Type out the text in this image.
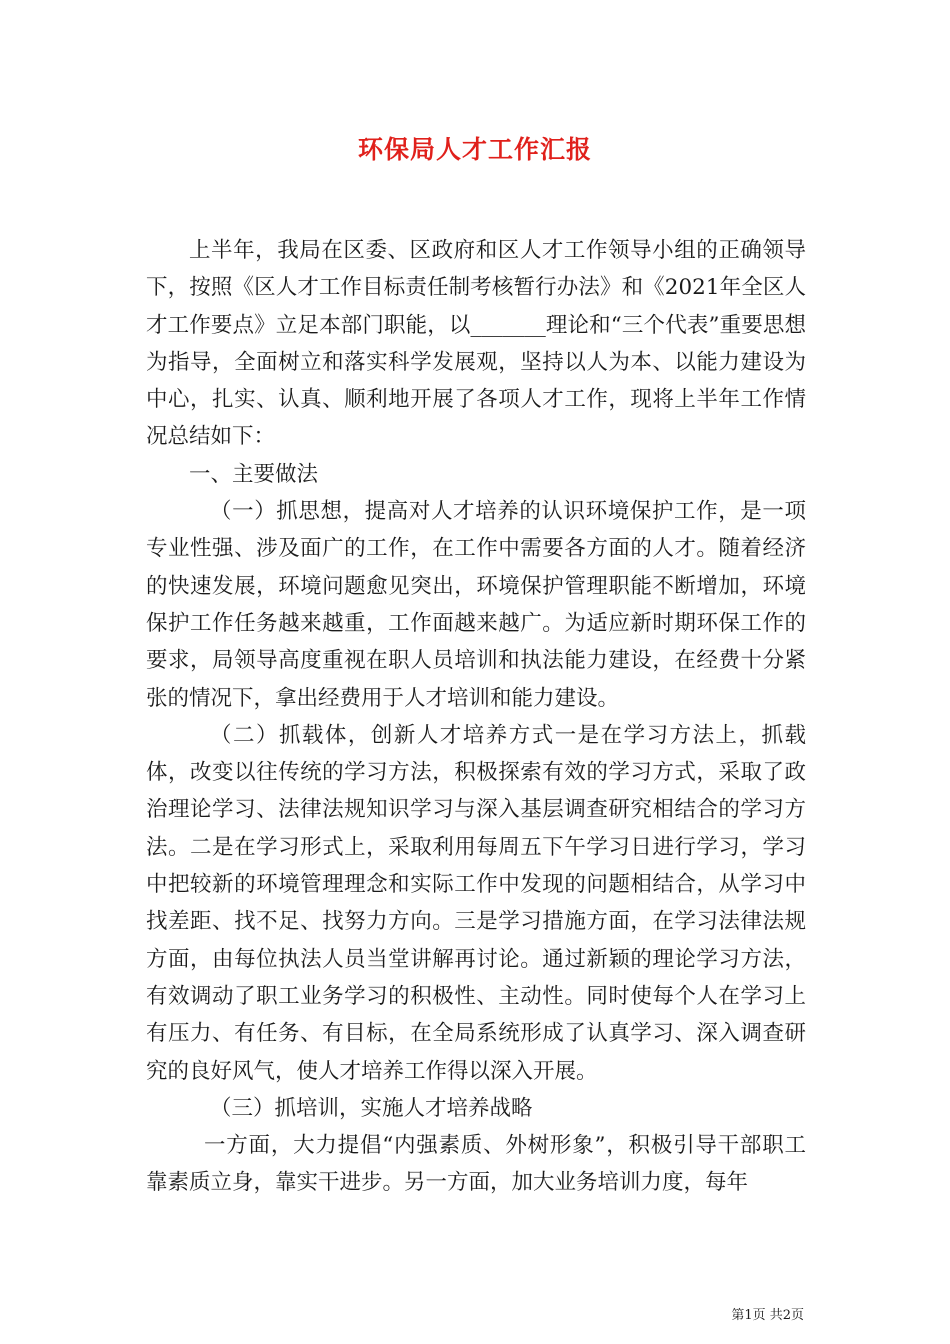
环保局人才工作汇报

上半年，我局在区委、区政府和区人才工作领导小组的正确领导下，按照《区人才工作目标责任制考核暂行办法》和《2021年全区人才工作要点》立足本部门职能，以_______理论和“三个代表”重要思想为指导，全面树立和落实科学发展观，坚持以人为本、以能力建设为中心，扎实、认真、顺利地开展了各项人才工作，现将上半年工作情况总结如下：

一、主要做法

（一）抓思想，提高对人才培养的认识环境保护工作，是一项专业性强、涉及面广的工作，在工作中需要各方面的人才。随着经济的快速发展，环境问题愈见突出，环境保护管理职能不断增加，环境保护工作任务越来越重，工作面越来越广。为适应新时期环保工作的要求，局领导高度重视在职人员培训和执法能力建设，在经费十分紧张的情况下，拿出经费用于人才培训和能力建设。

（二）抓载体，创新人才培养方式一是在学习方法上，抓载体，改变以往传统的学习方法，积极探索有效的学习方式，采取了政治理论学习、法律法规知识学习与深入基层调查研究相结合的学习方法。二是在学习形式上，采取利用每周五下午学习日进行学习，学习中把较新的环境管理理念和实际工作中发现的问题相结合，从学习中找差距、找不足、找努力方向。三是学习措施方面，在学习法律法规方面，由每位执法人员当堂讲解再讨论。通过新颖的理论学习方法，有效调动了职工业务学习的积极性、主动性。同时使每个人在学习上有压力、有任务、有目标，在全局系统形成了认真学习、深入调查研究的良好风气，使人才培养工作得以深入开展。

（三）抓培训，实施人才培养战略

一方面，大力提倡“内强素质、外树形象”，积极引导干部职工靠素质立身，靠实干进步。另一方面，加大业务培训力度，每年

第1页 共2页
